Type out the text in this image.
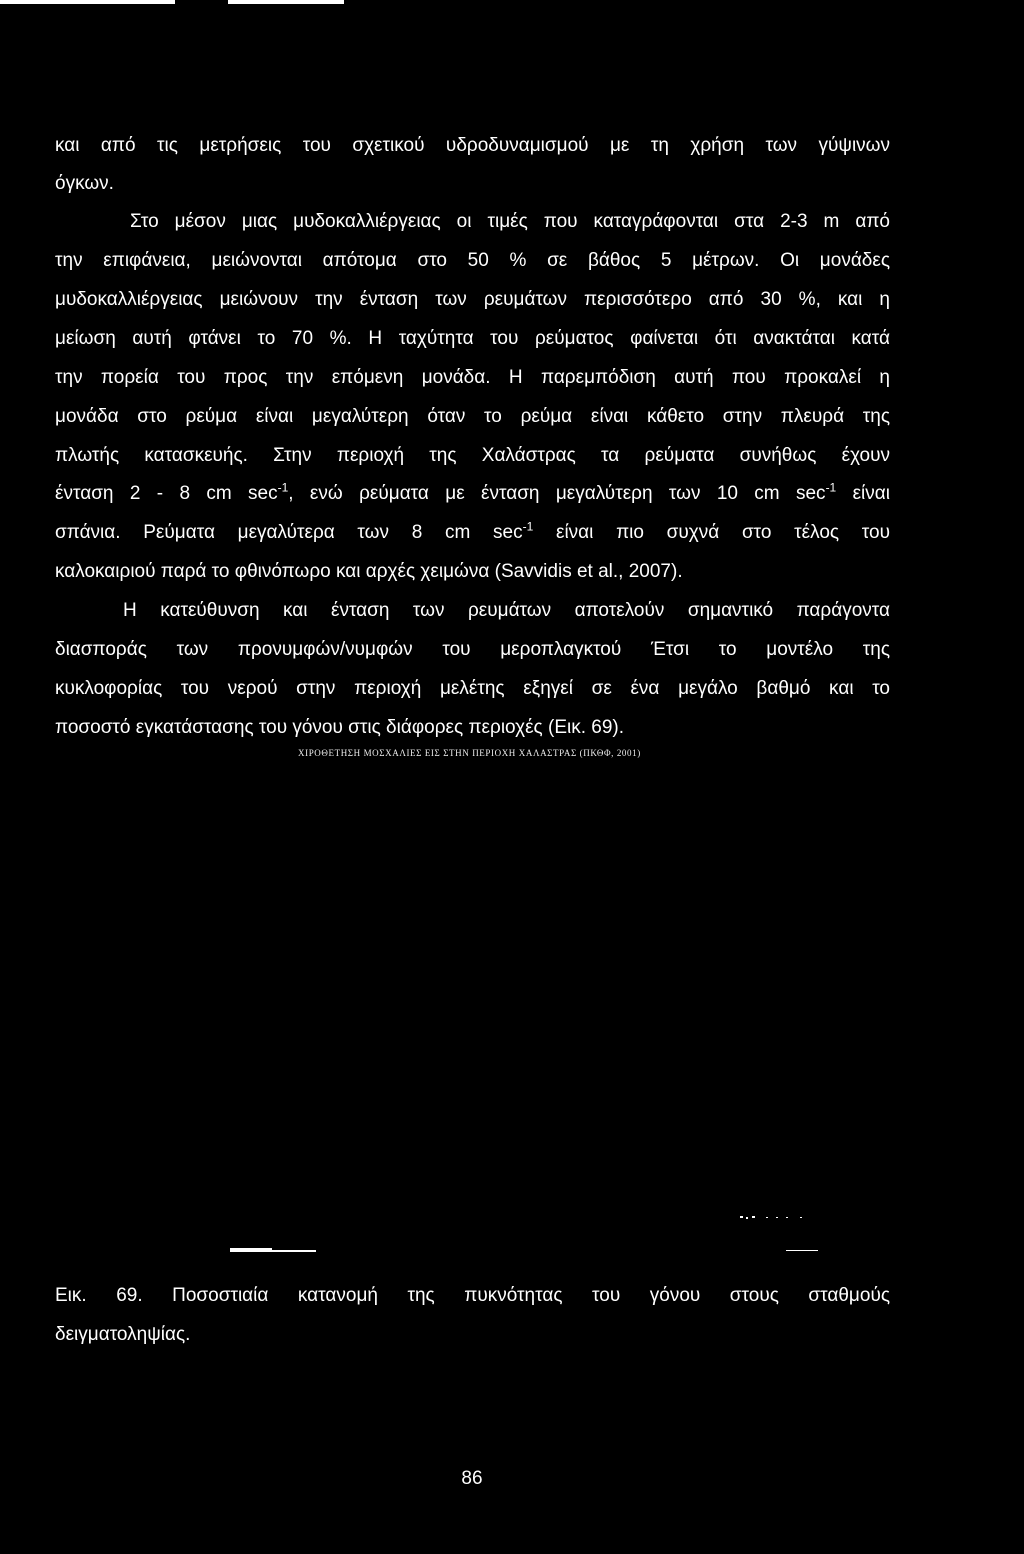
και από τις μετρήσεις του σχετικού υδροδυναμισμού με τη χρήση των γύψινων
όγκων.
Στο μέσον μιας μυδοκαλλιέργειας οι τιμές που καταγράφονται στα 2-3 m από
την επιφάνεια, μειώνονται απότομα στο 50 % σε βάθος 5 μέτρων. Οι μονάδες
μυδοκαλλιέργειας μειώνουν την ένταση των ρευμάτων περισσότερο από 30 %, και η
μείωση αυτή φτάνει το 70 %. Η ταχύτητα του ρεύματος φαίνεται ότι ανακτάται κατά
την πορεία του προς την επόμενη μονάδα. Η παρεμπόδιση αυτή που προκαλεί η
μονάδα στο ρεύμα είναι μεγαλύτερη όταν το ρεύμα είναι κάθετο στην πλευρά της
πλωτής κατασκευής. Στην περιοχή της Χαλάστρας τα ρεύματα συνήθως έχουν
ένταση 2 - 8 cm $\sec^{-1}$, ενώ ρεύματα με ένταση μεγαλύτερη των 10 cm $\sec^{-1} \varepsilon ί\nu\alpha\iota$
σπάνια. Ρεύματα μεγαλύτερα των 8 cm $\sec^{-1} \varepsilon ί\nu\alpha\iota$ πιο συχνά στο τέλος του
καλοκαιριού παρά το φθινόπωρο και αρχές χειμώνα (Savvidis et al., 2007).
Η κατεύθυνση και ένταση των ρευμάτων αποτελούν σημαντικό παράγοντα
διασποράς των προνυμφών/νυμφών του μεροπλαγκτού Έτσι το μοντέλο της
κυκλοφορίας του νερού στην περιοχή μελέτης εξηγεί σε ένα μεγάλο βαθμό και το
ποσοστό εγκατάστασης του γόνου στις διάφορες περιοχές (Εικ. 69).
ΧΙΡΟΘΕΤΗΣΗ ΜΟΣΧΑΛΙΕΣ ΕΙΣ ΣΤΗΝ ΠΕΡΙΟΧΗ ΧΑΛΑΣΤΡΑΣ (ΠΚΘΦ, 2001)
Εικ. 69. Ποσοστιαία κατανομή της πυκνότητας του γόνου στους σταθμούς
δειγματοληψίας.
86
